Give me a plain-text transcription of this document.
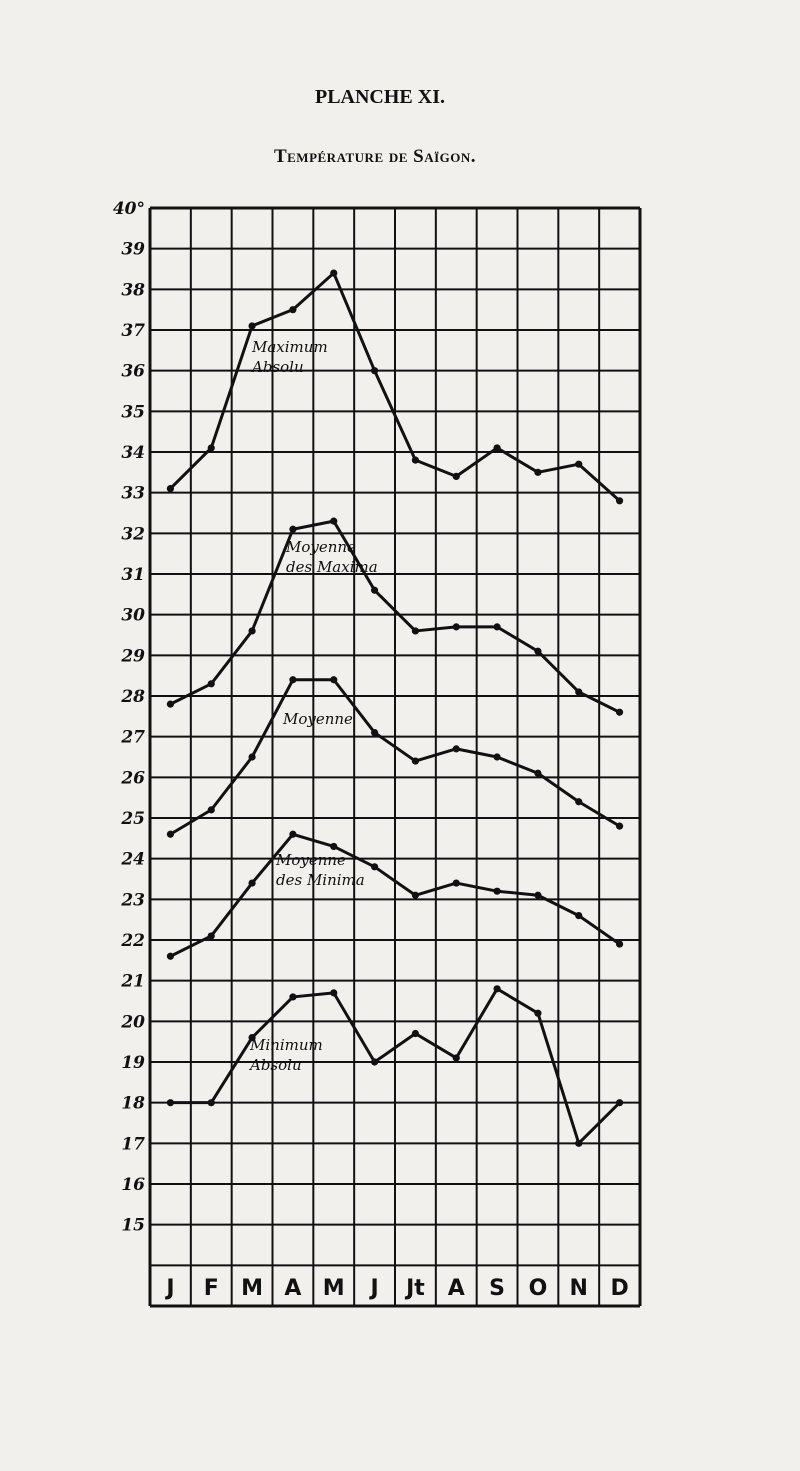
PLANCHE XI.
Température de Saïgon.
40°
39
38
37
36
35
34
33
32
31
30
29
28
27
26
25
24
23
22
21
20
19
18
17
16
15
J F M A M J Jt A S O N D
Maximum
Absolu
Moyenne
des Maxima
Moyenne
Moyenne
des Minima
Minimum
Absolu
